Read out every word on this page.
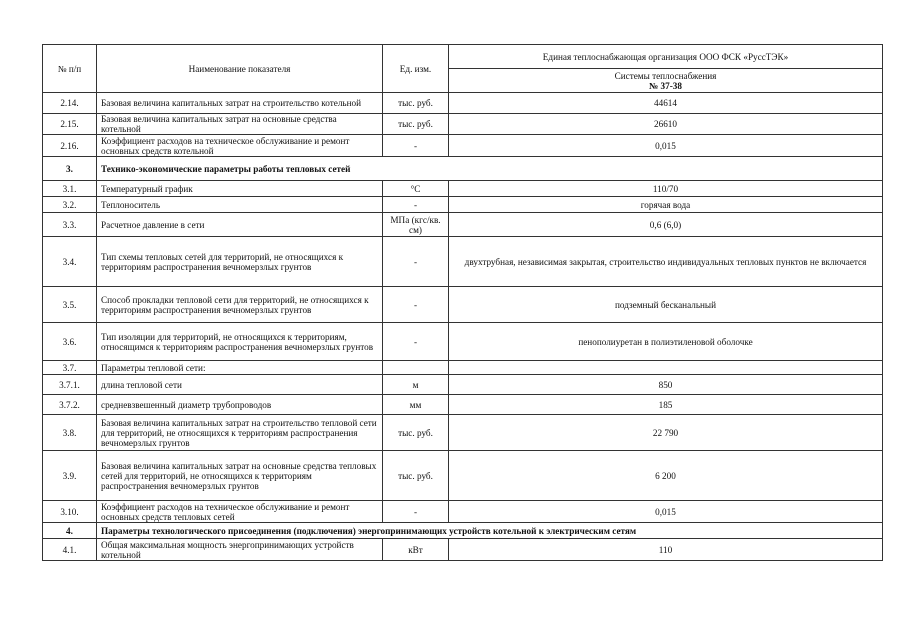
№ п/п	Наименование показателя	Ед. изм.	Единая теплоснабжающая организация ООО ФСК «РуссТЭК»

			Системы теплоснабжения
№ 37-38

2.14.	Базовая величина капитальных затрат на строительство котельной	тыс. руб.	44614
2.15.	Базовая величина капитальных затрат на основные средства котельной	тыс. руб.	26610
2.16.	Коэффициент расходов на техническое обслуживание и ремонт основных средств котельной	-	0,015
3.	Технико-экономические параметры работы тепловых сетей		
3.1.	Температурный график	°С	110/70
3.2.	Теплоноситель	-	горячая вода
3.3.	Расчетное давление в сети	МПа (кгс/кв. см)	0,6 (6,0)
3.4.	Тип схемы тепловых сетей для территорий, не относящихся к территориям распространения вечномерзлых грунтов	-	двухтрубная, независимая закрытая, строительство индивидуальных тепловых пунктов не включается
3.5.	Способ прокладки тепловой сети для территорий, не относящихся к территориям распространения вечномерзлых грунтов	-	подземный бесканальный
3.6.	Тип изоляции для территорий, не относящихся к территориям, относящимся к территориям распространения вечномерзлых грунтов	-	пенополиуретан в полиэтиленовой оболочке
3.7.	Параметры тепловой сети:		
3.7.1.	длина тепловой сети	м	850
3.7.2.	средневзвешенный диаметр трубопроводов	мм	185
3.8.	Базовая величина капитальных затрат на строительство тепловой сети для территорий, не относящихся к территориям распространения вечномерзлых грунтов	тыс. руб.	22 790
3.9.	Базовая величина капитальных затрат на основные средства тепловых сетей для территорий, не относящихся к территориям распространения вечномерзлых грунтов	тыс. руб.	6 200
3.10.	Коэффициент расходов на техническое обслуживание и ремонт основных средств тепловых сетей	-	0,015
4.	Параметры технологического присоединения (подключения) энергопринимающих устройств котельной к электрическим сетям		
4.1.	Общая максимальная мощность энергопринимающих устройств котельной	кВт	110
